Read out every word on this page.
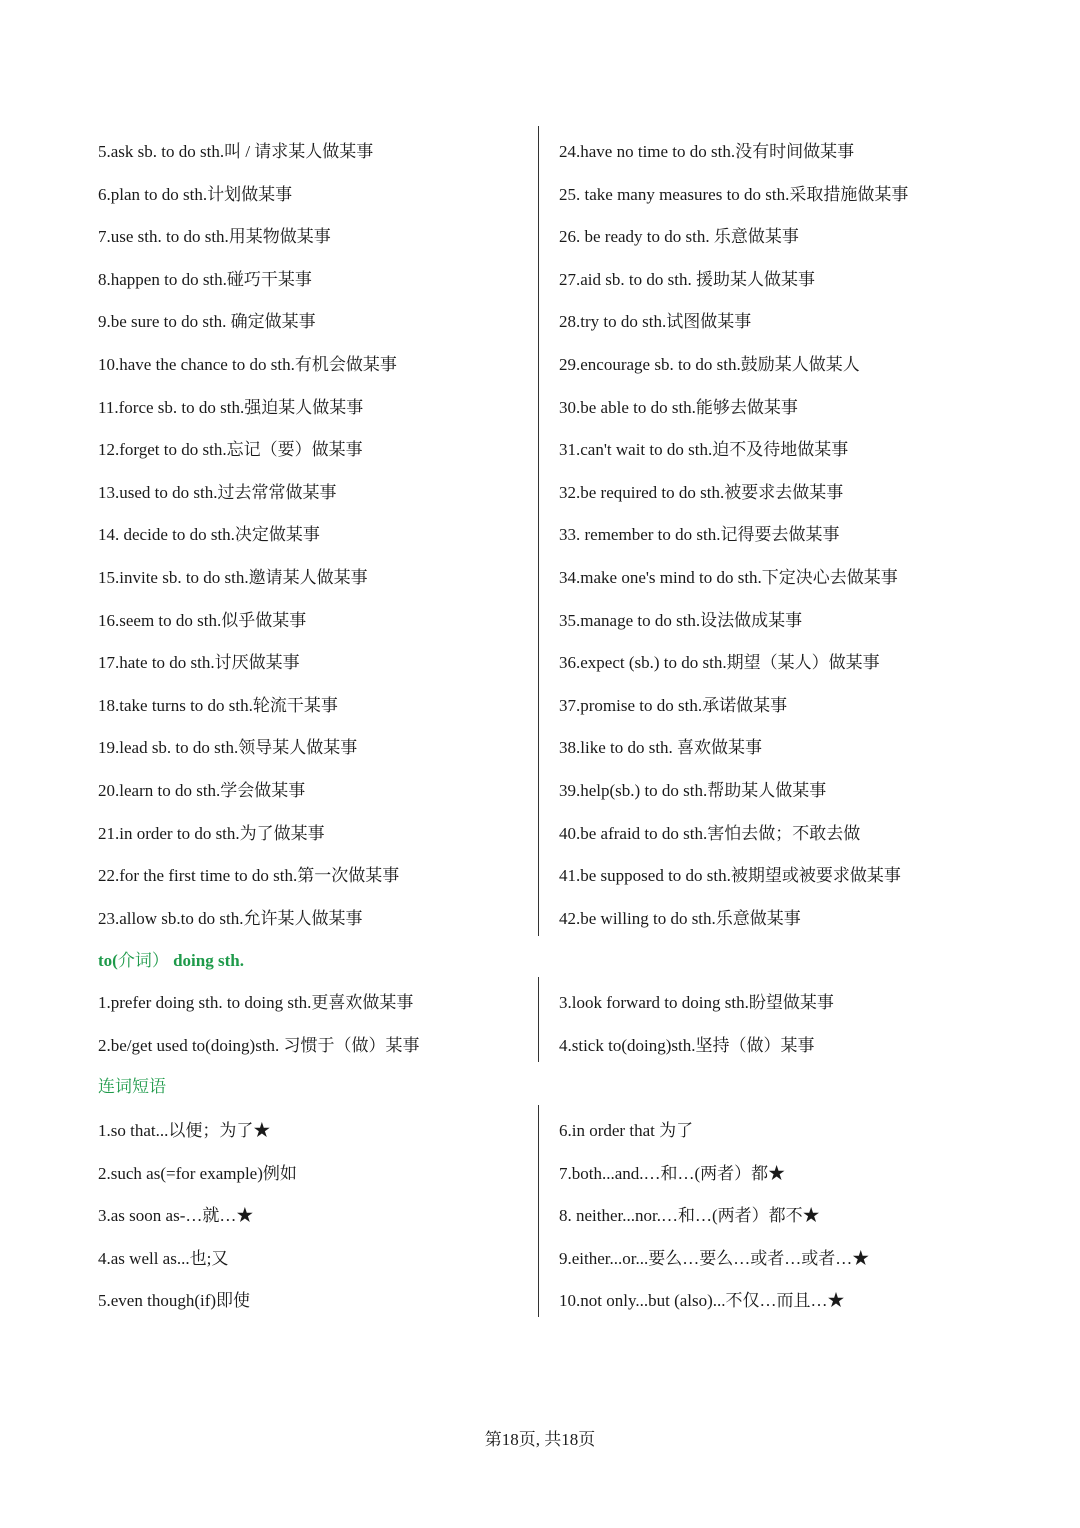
5.ask sb. to do sth.叫 / 请求某人做某事
6.plan to do sth.计划做某事
7.use sth. to do sth.用某物做某事
8.happen to do sth.碰巧干某事
9.be sure to do sth. 确定做某事
10.have the chance to do sth.有机会做某事
11.force sb. to do sth.强迫某人做某事
12.forget to do sth.忘记（要）做某事
13.used to do sth.过去常常做某事
14. decide to do sth.决定做某事
15.invite sb. to do sth.邀请某人做某事
16.seem to do sth.似乎做某事
17.hate to do sth.讨厌做某事
18.take turns to do sth.轮流干某事
19.lead sb. to do sth.领导某人做某事
20.learn to do sth.学会做某事
21.in order to do sth.为了做某事
22.for the first time to do sth.第一次做某事
23.allow sb.to do sth.允许某人做某事
24.have no time to do sth.没有时间做某事
25. take many measures to do sth.采取措施做某事
26. be ready to do sth. 乐意做某事
27.aid sb. to do sth. 援助某人做某事
28.try to do sth.试图做某事
29.encourage sb. to do sth.鼓励某人做某人
30.be able to do sth.能够去做某事
31.can't wait to do sth.迫不及待地做某事
32.be required to do sth.被要求去做某事
33. remember to do sth.记得要去做某事
34.make one's mind to do sth.下定决心去做某事
35.manage to do sth.设法做成某事
36.expect (sb.) to do sth.期望（某人）做某事
37.promise to do sth.承诺做某事
38.like to do sth. 喜欢做某事
39.help(sb.) to do sth.帮助某人做某事
40.be afraid to do sth.害怕去做；不敢去做
41.be supposed to do sth.被期望或被要求做某事
42.be willing to do sth.乐意做某事
to(介词） doing sth.
1.prefer doing sth. to doing sth.更喜欢做某事
2.be/get used to(doing)sth. 习惯于（做）某事
3.look forward to doing sth.盼望做某事
4.stick to(doing)sth.坚持（做）某事
连词短语
1.so that...以便；为了★
2.such as(=for example)例如
3.as soon as-…就…★
4.as well as...也;又
5.even though(if)即使
6.in order that 为了
7.both...and.…和…(两者）都★
8. neither...nor.…和…(两者）都不★
9.either...or...要么…要么…或者…或者…★
10.not only...but (also)...不仅…而且…★
第18页, 共18页
